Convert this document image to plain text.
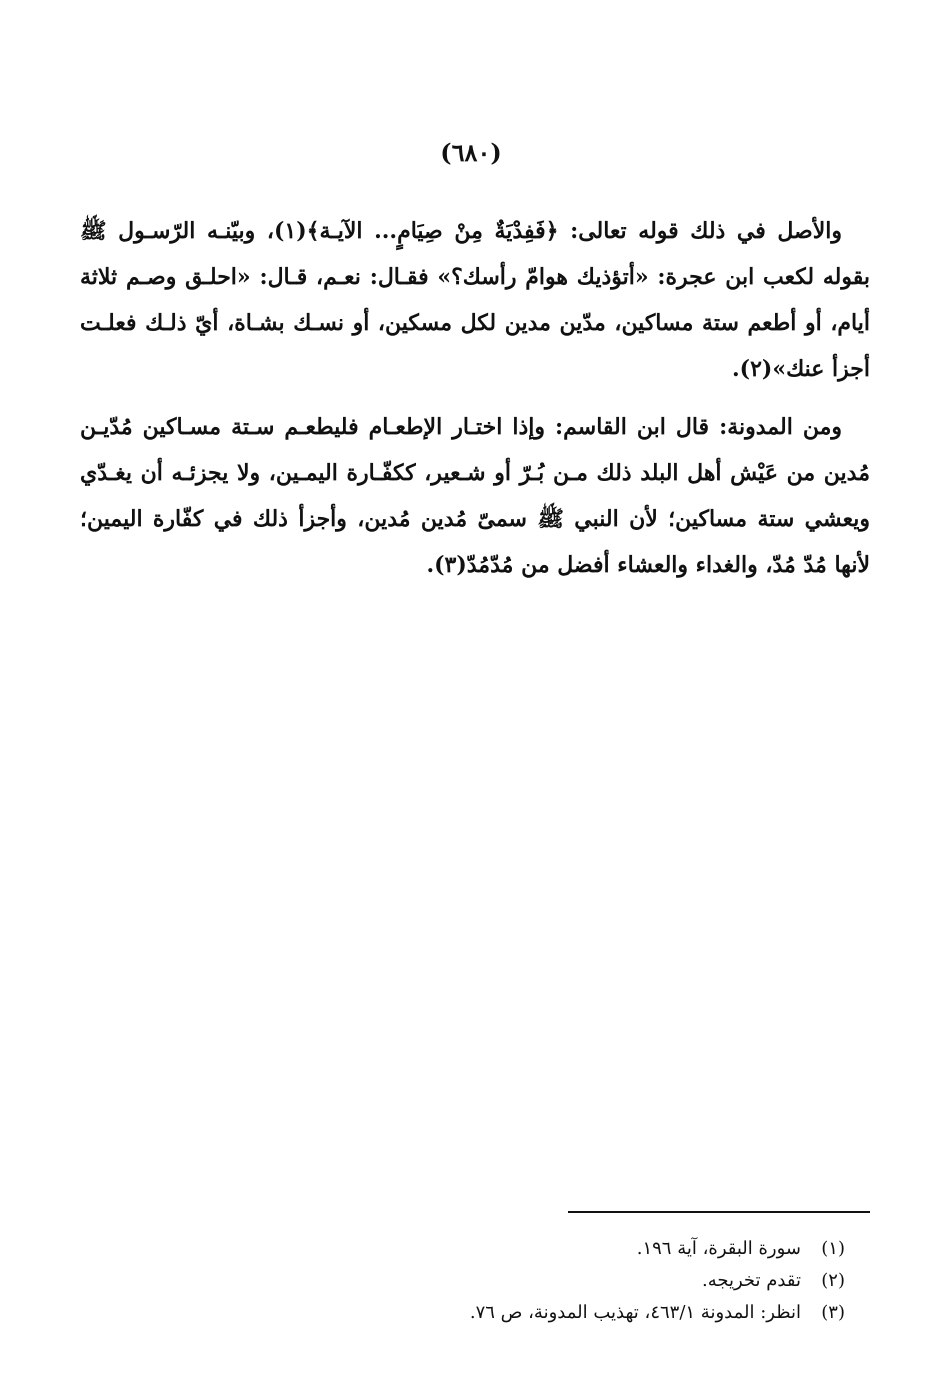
(٦٨٠)

والأصل في ذلك قوله تعالى: ﴿فَفِدْيَةٌ مِنْ صِيَامٍ... الآيـة﴾(١)، وبيّنـه الرّسـول ﷺ بقوله لكعب ابن عجرة: «أتؤذيك هوامّ رأسك؟» فقـال: نعـم، قـال: «احلـق وصـم ثلاثة أيام، أو أطعم ستة مساكين، مدّين مدين لكل مسكين، أو نسـك بشـاة، أيّ ذلـك فعلـت أجزأ عنك»(٢).

ومن المدونة: قال ابن القاسم: وإذا اختـار الإطعـام فليطعـم سـتة مسـاكين مُدّيـن مُدين من عَيْش أهل البلد ذلك مـن بُـرّ أو شـعير، ككفّـارة اليمـين، ولا يجزئـه أن يغـدّي ويعشي ستة مساكين؛ لأن النبي ﷺ سمىّ مُدين مُدين، وأجزأ ذلك في كفّارة اليمين؛ لأنها مُدّ مُدّ، والغداء والعشاء أفضل من مُدّمُدّ(٣).

(١)
سورة البقرة، آية ١٩٦.
(٢)
تقدم تخريجه.
(٣)
انظر: المدونة ٤٦٣/١، تهذيب المدونة، ص ٧٦.
